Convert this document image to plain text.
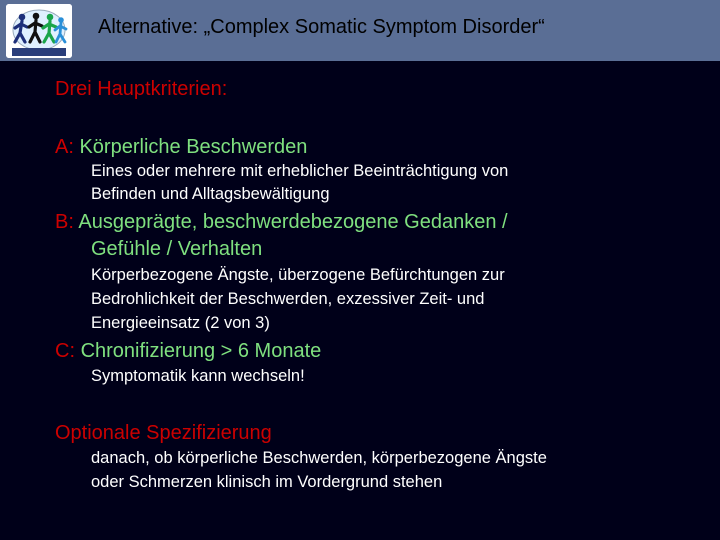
Alternative: „Complex Somatic Symptom Disorder“

Drei Hauptkriterien:

A: Körperliche Beschwerden

Eines oder mehrere mit erheblicher Beeinträchtigung von

Befinden und Alltagsbewältigung

B: Ausgeprägte, beschwerdebezogene Gedanken /

Gefühle / Verhalten

Körperbezogene Ängste, überzogene Befürchtungen zur

Bedrohlichkeit der Beschwerden, exzessiver Zeit- und

Energieeinsatz (2 von 3)

C: Chronifizierung > 6 Monate

Symptomatik kann wechseln!

Optionale Spezifizierung

danach, ob körperliche Beschwerden, körperbezogene Ängste

oder Schmerzen klinisch im Vordergrund stehen
